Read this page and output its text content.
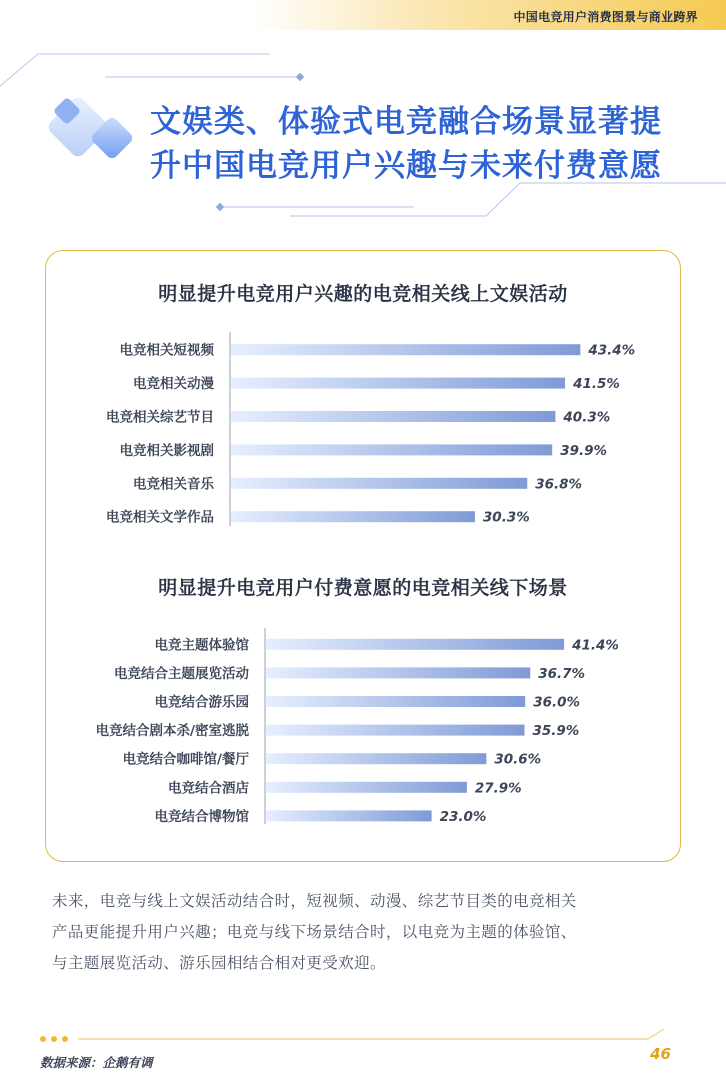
中国电竞用户消费图景与商业跨界
文娱类、体验式电竞融合场景显著提
升中国电竞用户兴趣与未来付费意愿
明显提升电竞用户兴趣的电竞相关线上文娱活动
电竞相关短视频	43.4%
电竞相关动漫	41.5%
电竞相关综艺节目	40.3%
电竞相关影视剧	39.9%
电竞相关音乐	36.8%
电竞相关文学作品	30.3%
明显提升电竞用户付费意愿的电竞相关线下场景
电竞主题体验馆	41.4%
电竞结合主题展览活动	36.7%
电竞结合游乐园	36.0%
电竞结合剧本杀/密室逃脱	35.9%
电竞结合咖啡馆/餐厅	30.6%
电竞结合酒店	27.9%
电竞结合博物馆	23.0%
未来，电竞与线上文娱活动结合时，短视频、动漫、综艺节目类的电竞相关
产品更能提升用户兴趣；电竞与线下场景结合时，以电竞为主题的体验馆、
与主题展览活动、游乐园相结合相对更受欢迎。
数据来源：企鹅有调	46
